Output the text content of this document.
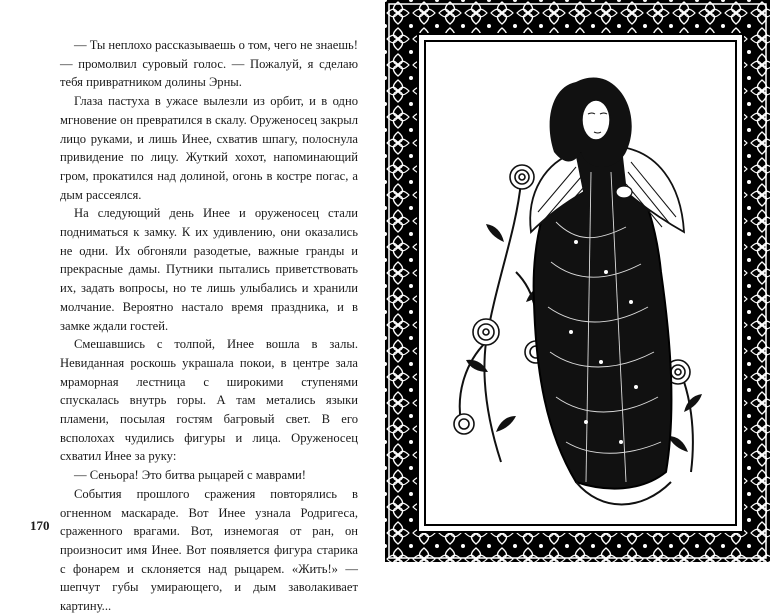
— Ты неплохо рассказываешь о том, чего не знаешь! — промолвил суровый голос. — Пожалуй, я сделаю тебя привратником долины Эрны.

Глаза пастуха в ужасе вылезли из орбит, и в одно мгновение он превратился в скалу. Оруженосец закрыл лицо руками, и лишь Инее, схватив шпагу, полоснула привидение по лицу. Жуткий хохот, напоминающий гром, прокатился над долиной, огонь в костре погас, а дым рассеялся.

На следующий день Инее и оруженосец стали подниматься к замку. К их удивлению, они оказались не одни. Их обгоняли разодетые, важные гранды и прекрасные дамы. Путники пытались приветствовать их, задать вопросы, но те лишь улыбались и хранили молчание. Вероятно настало время праздника, и в замке ждали гостей.

Смешавшись с толпой, Инее вошла в залы. Невиданная роскошь украшала покои, в центре зала мраморная лестница с широкими ступенями спускалась внутрь горы. А там метались языки пламени, посылая гостям багровый свет. В его всполохах чудились фигуры и лица. Оруженосец схватил Инее за руку:

— Сеньора! Это битва рыцарей с маврами!

События прошлого сражения повторялись в огненном маскараде. Вот Инее узнала Родригеса, сраженного врагами. Вот, изнемогая от ран, он произносит имя Инее. Вот появляется фигура старика с фонарем и склоняется над рыцарем. «Жить!» — шепчут губы умирающего, и дым заволакивает картину...

170
